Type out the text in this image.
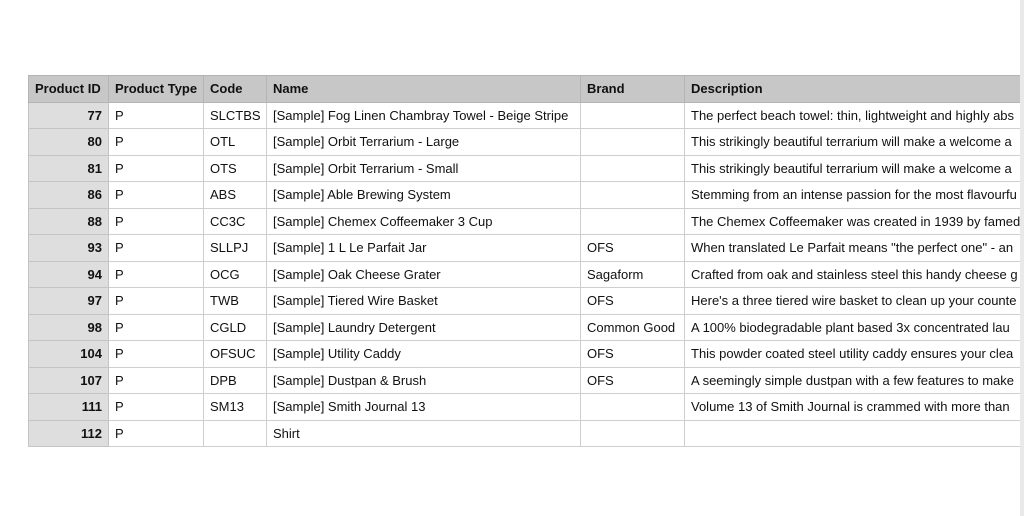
Product ID	Product Type	Code	Name	Brand	Description
77	P	SLCTBS	[Sample] Fog Linen Chambray Towel - Beige Stripe		The perfect beach towel: thin, lightweight and highly abs
80	P	OTL	[Sample] Orbit Terrarium - Large		This strikingly beautiful terrarium will make a welcome a
81	P	OTS	[Sample] Orbit Terrarium - Small		This strikingly beautiful terrarium will make a welcome a
86	P	ABS	[Sample] Able Brewing System		Stemming from an intense passion for the most flavourfu
88	P	CC3C	[Sample] Chemex Coffeemaker 3 Cup		The Chemex Coffeemaker was created in 1939 by famed
93	P	SLLPJ	[Sample] 1 L Le Parfait Jar	OFS	When translated Le Parfait means "the perfect one" - an
94	P	OCG	[Sample] Oak Cheese Grater	Sagaform	Crafted from oak and stainless steel this handy cheese g
97	P	TWB	[Sample] Tiered Wire Basket	OFS	Here's a three tiered wire basket to clean up your counte
98	P	CGLD	[Sample] Laundry Detergent	Common Good	A 100% biodegradable plant based 3x concentrated lau
104	P	OFSUC	[Sample] Utility Caddy	OFS	This powder coated steel utility caddy ensures your clea
107	P	DPB	[Sample] Dustpan & Brush	OFS	A seemingly simple dustpan with a few features to make
111	P	SM13	[Sample] Smith Journal 13		Volume 13 of Smith Journal is crammed with more than
112	P		Shirt		
